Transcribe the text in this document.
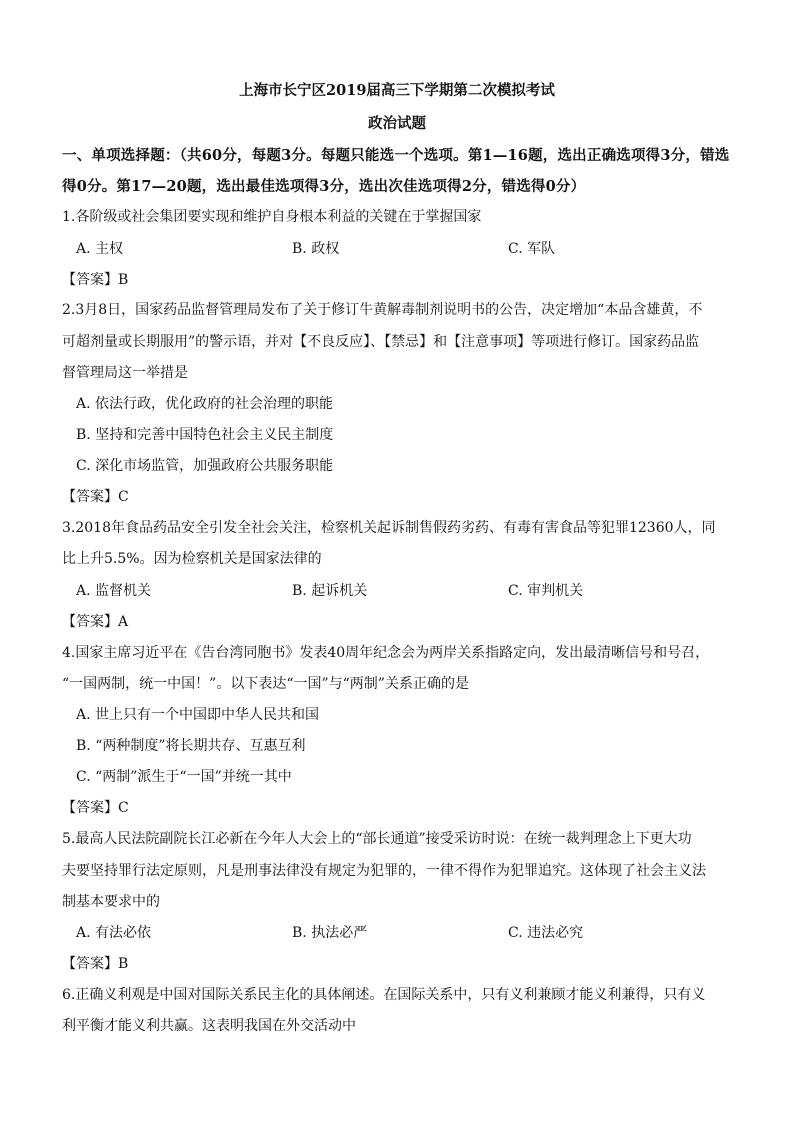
上海市长宁区2019届高三下学期第二次模拟考试
政治试题
一、单项选择题：（共60分，每题3分。每题只能选一个选项。第1—16题，选出正确选项得3分，错选
得0分。第17—20题，选出最佳选项得3分，选出次佳选项得2分，错选得0分）
1.各阶级或社会集团要实现和维护自身根本利益的关键在于掌握国家
A. 主权	B. 政权	C. 军队
【答案】B
2.3月8日，国家药品监督管理局发布了关于修订牛黄解毒制剂说明书的公告，决定增加“本品含雄黄，不
可超剂量或长期服用”的警示语，并对【不良反应】、【禁忌】和【注意事项】等项进行修订。国家药品监
督管理局这一举措是
A. 依法行政，优化政府的社会治理的职能
B. 坚持和完善中国特色社会主义民主制度
C. 深化市场监管，加强政府公共服务职能
【答案】C
3.2018年食品药品安全引发全社会关注，检察机关起诉制售假药劣药、有毒有害食品等犯罪12360人，同
比上升5.5%。因为检察机关是国家法律的
A. 监督机关	B. 起诉机关	C. 审判机关
【答案】A
4.国家主席习近平在《告台湾同胞书》发表40周年纪念会为两岸关系指路定向，发出最清晰信号和号召，
“一国两制，统一中国！”。以下表达“一国”与“两制”关系正确的是
A. 世上只有一个中国即中华人民共和国
B. “两种制度”将长期共存、互惠互利
C. “两制”派生于“一国”并统一其中
【答案】C
5.最高人民法院副院长江必新在今年人大会上的“部长通道”接受采访时说：在统一裁判理念上下更大功
夫要坚持罪行法定原则，凡是刑事法律没有规定为犯罪的，一律不得作为犯罪追究。这体现了社会主义法
制基本要求中的
A. 有法必依	B. 执法必严	C. 违法必究
【答案】B
6.正确义利观是中国对国际关系民主化的具体阐述。在国际关系中，只有义利兼顾才能义利兼得，只有义
利平衡才能义利共赢。这表明我国在外交活动中
